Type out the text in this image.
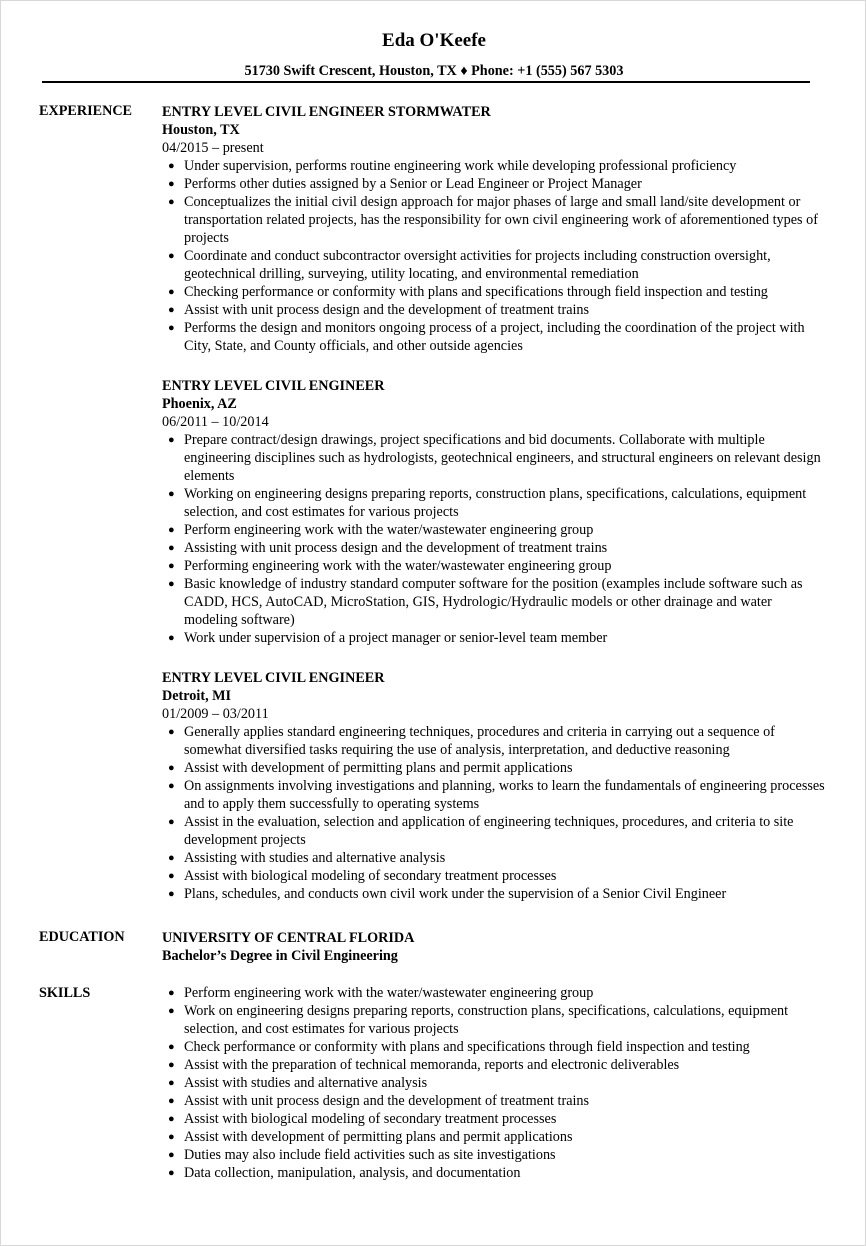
Eda O'Keefe
51730 Swift Crescent, Houston, TX ♦ Phone: +1 (555) 567 5303
EXPERIENCE ENTRY LEVEL CIVIL ENGINEER STORMWATER
Houston, TX
04/2015 – present
● Under supervision, performs routine engineering work while developing professional proficiency
● Performs other duties assigned by a Senior or Lead Engineer or Project Manager
● Conceptualizes the initial civil design approach for major phases of large and small land/site development or transportation related projects, has the responsibility for own civil engineering work of aforementioned types of projects
● Coordinate and conduct subcontractor oversight activities for projects including construction oversight, geotechnical drilling, surveying, utility locating, and environmental remediation
● Checking performance or conformity with plans and specifications through field inspection and testing
● Assist with unit process design and the development of treatment trains
● Performs the design and monitors ongoing process of a project, including the coordination of the project with City, State, and County officials, and other outside agencies
ENTRY LEVEL CIVIL ENGINEER
Phoenix, AZ
06/2011 – 10/2014
● Prepare contract/design drawings, project specifications and bid documents. Collaborate with multiple engineering disciplines such as hydrologists, geotechnical engineers, and structural engineers on relevant design elements
● Working on engineering designs preparing reports, construction plans, specifications, calculations, equipment selection, and cost estimates for various projects
● Perform engineering work with the water/wastewater engineering group
● Assisting with unit process design and the development of treatment trains
● Performing engineering work with the water/wastewater engineering group
● Basic knowledge of industry standard computer software for the position (examples include software such as CADD, HCS, AutoCAD, MicroStation, GIS, Hydrologic/Hydraulic models or other drainage and water modeling software)
● Work under supervision of a project manager or senior-level team member
ENTRY LEVEL CIVIL ENGINEER
Detroit, MI
01/2009 – 03/2011
● Generally applies standard engineering techniques, procedures and criteria in carrying out a sequence of somewhat diversified tasks requiring the use of analysis, interpretation, and deductive reasoning
● Assist with development of permitting plans and permit applications
● On assignments involving investigations and planning, works to learn the fundamentals of engineering processes and to apply them successfully to operating systems
● Assist in the evaluation, selection and application of engineering techniques, procedures, and criteria to site development projects
● Assisting with studies and alternative analysis
● Assist with biological modeling of secondary treatment processes
● Plans, schedules, and conducts own civil work under the supervision of a Senior Civil Engineer
EDUCATION	UNIVERSITY OF CENTRAL FLORIDA
Bachelor’s Degree in Civil Engineering
SKILLS	● Perform engineering work with the water/wastewater engineering group
● Work on engineering designs preparing reports, construction plans, specifications, calculations, equipment selection, and cost estimates for various projects
● Check performance or conformity with plans and specifications through field inspection and testing
● Assist with the preparation of technical memoranda, reports and electronic deliverables
● Assist with studies and alternative analysis
● Assist with unit process design and the development of treatment trains
● Assist with biological modeling of secondary treatment processes
● Assist with development of permitting plans and permit applications
● Duties may also include field activities such as site investigations
● Data collection, manipulation, analysis, and documentation
